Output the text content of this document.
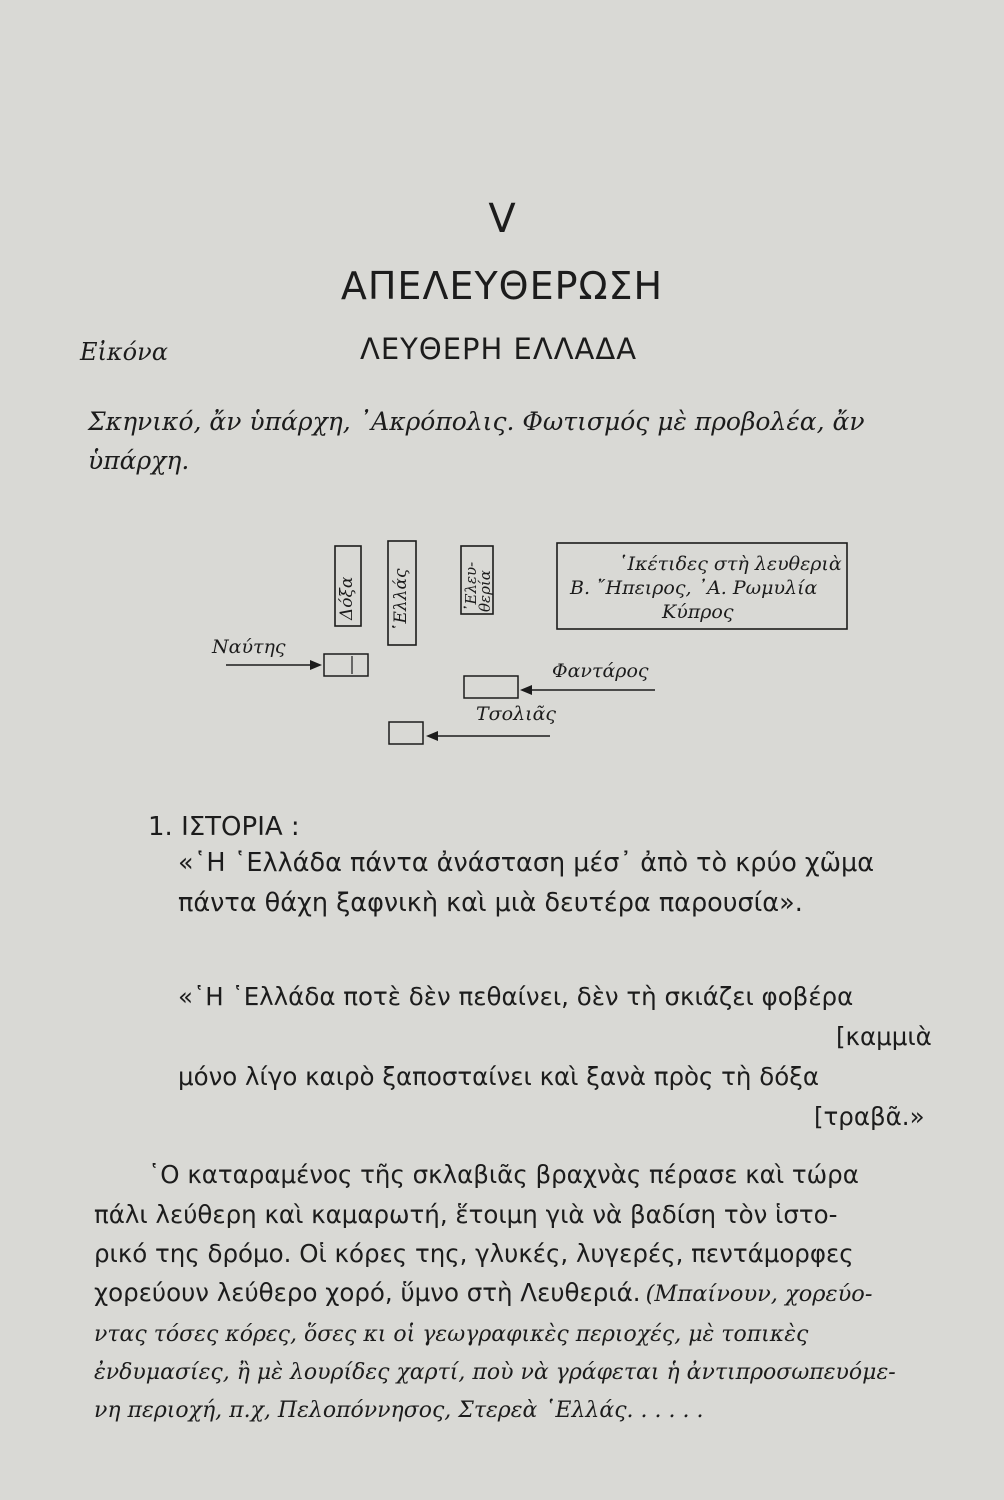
V
ΑΠΕΛΕΥΘΕΡΩΣΗ
Εἰκόνα	ΛΕΥΘΕΡΗ ΕΛΛΑΔΑ
Σκηνικό, ἄν ὑπάρχη, ᾿Ακρόπολις. Φωτισμός μὲ προβολέα, ἄν ὑπάρχη.
Δόξα ῾Ελλάς	᾿Ελευ-
θερία
῾Ικέτιδες στὴ λευθεριὰ
Β. ῎Ηπειρος, ᾿Α. Ρωμυλία
Κύπρος
Ναύτης
Φαντάρος
Τσολιᾶς
1. ΙΣΤΟΡΙΑ :
«῾Η ῾Ελλάδα πάντα ἀνάσταση μέσ᾿ ἀπὸ τὸ κρύο χῶμα
πάντα θάχη ξαφνικὴ καὶ μιὰ δευτέρα παρουσία».
«῾Η ῾Ελλάδα ποτὲ δὲν πεθαίνει, δὲν τὴ σκιάζει φοβέρα
[καμμιὰ
μόνο λίγο καιρὸ ξαποσταίνει καὶ ξανὰ πρὸς τὴ δόξα
[τραβᾶ.»
῾Ο καταραμένος τῆς σκλαβιᾶς βραχνὰς πέρασε καὶ τώρα
πάλι λεύθερη καὶ καμαρωτή, ἕτοιμη γιὰ νὰ βαδίση τὸν ἱστο-
ρικό της δρόμο. Οἱ κόρες της, γλυκές, λυγερές, πεντάμορφες
χορεύουν λεύθερο χορό, ὕμνο στὴ Λευθεριά. (Μπαίνουν, χορεύο-
ντας τόσες κόρες, ὅσες κι οἱ γεωγραφικὲς περιοχές, μὲ τοπικὲς
ἐνδυμασίες, ἢ μὲ λουρίδες χαρτί, ποὺ νὰ γράφεται ἡ ἀντιπροσωπευόμε-
νη περιοχή, π.χ, Πελοπόννησος, Στερεὰ ῾Ελλάς. . . . . .
